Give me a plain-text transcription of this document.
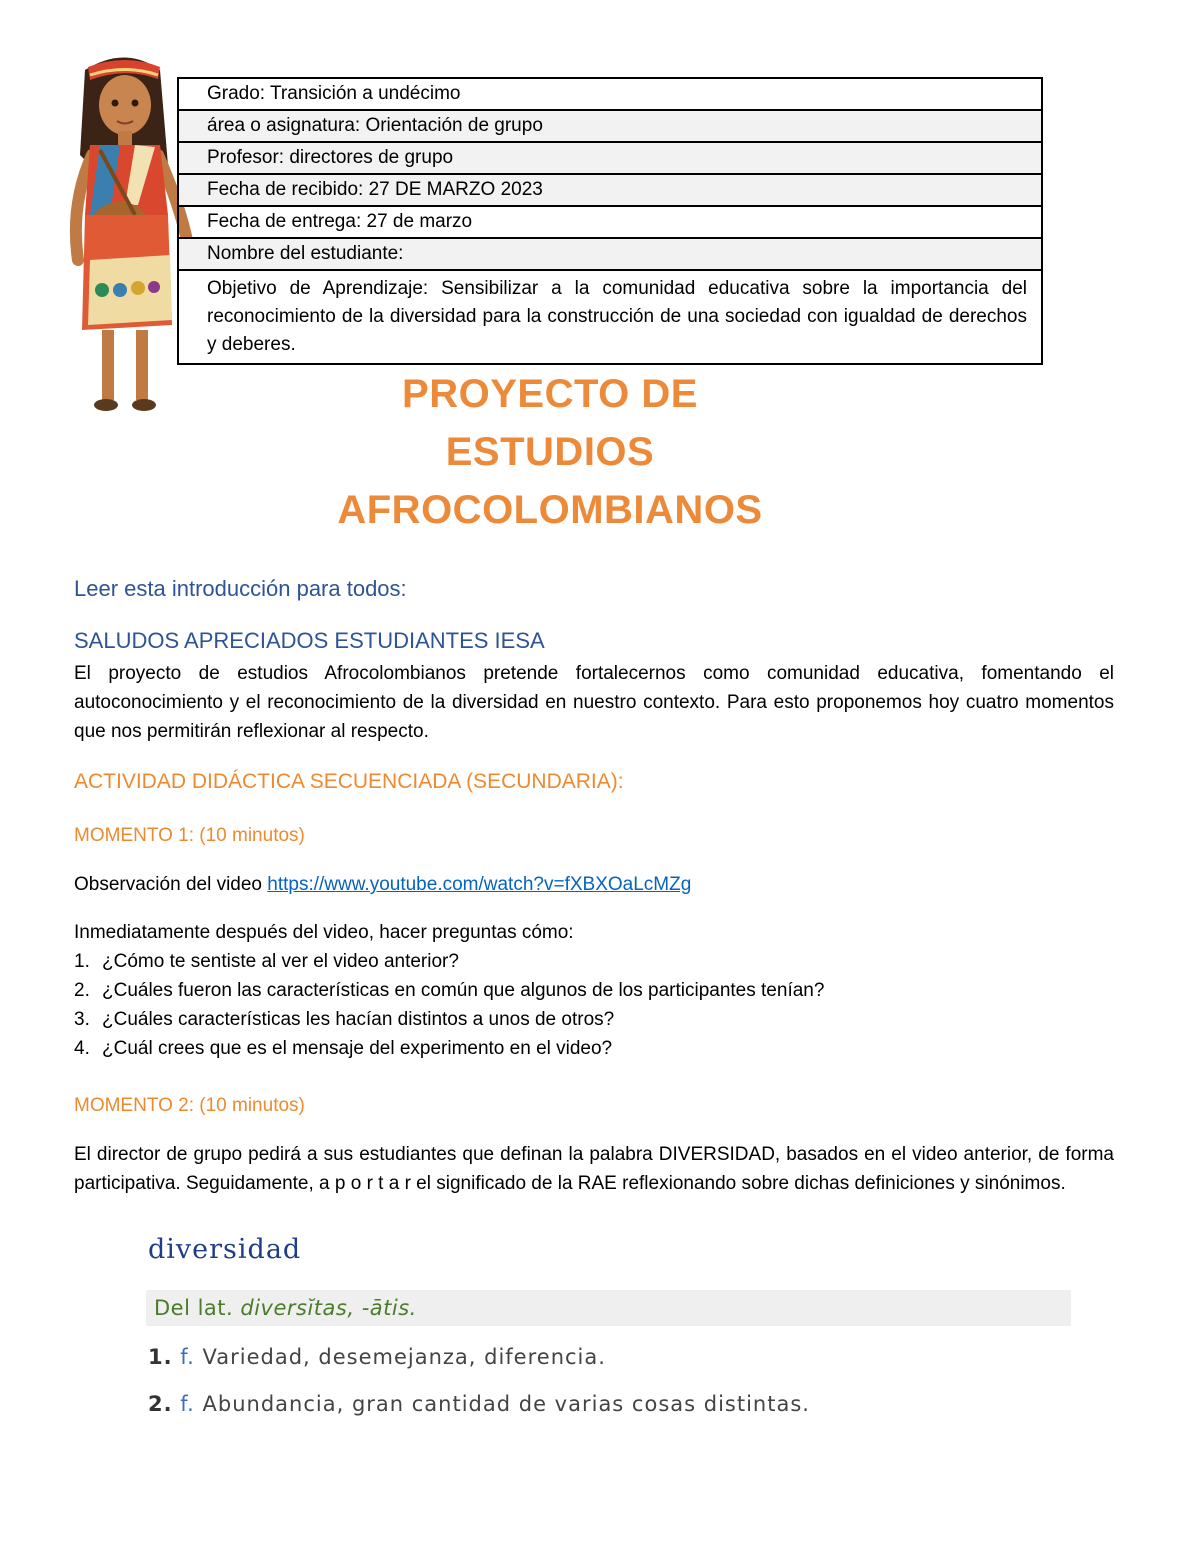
Grado: Transición a undécimo
área o asignatura: Orientación de grupo
Profesor: directores de grupo
Fecha de recibido: 27 DE MARZO 2023
Fecha de entrega: 27 de marzo
Nombre del estudiante:
Objetivo de Aprendizaje: Sensibilizar a la comunidad educativa sobre la importancia del reconocimiento de la diversidad para la construcción de una sociedad con igualdad de derechos y deberes.
PROYECTO DE
ESTUDIOS
AFROCOLOMBIANOS
Leer esta introducción para todos:
SALUDOS APRECIADOS ESTUDIANTES IESA
El proyecto de estudios Afrocolombianos pretende fortalecernos como comunidad educativa, fomentando el autoconocimiento y el reconocimiento de la diversidad en nuestro contexto. Para esto proponemos hoy cuatro momentos que nos permitirán reflexionar al respecto.
ACTIVIDAD DIDÁCTICA SECUENCIADA (SECUNDARIA):
MOMENTO 1: (10 minutos)
Observación del video https://www.youtube.com/watch?v=fXBXOaLcMZg
Inmediatamente después del video, hacer preguntas cómo:
1. ¿Cómo te sentiste al ver el video anterior?
2. ¿Cuáles fueron las características en común que algunos de los participantes tenían?
3. ¿Cuáles características les hacían distintos a unos de otros?
4. ¿Cuál crees que es el mensaje del experimento en el video?
MOMENTO 2: (10 minutos)
El director de grupo pedirá a sus estudiantes que definan la palabra DIVERSIDAD, basados en el video anterior, de forma participativa. Seguidamente, a p o r t a r el significado de la RAE reflexionando sobre dichas definiciones y sinónimos.
diversidad
Del lat. diversĭtas, -ātis.
1. f. Variedad, desemejanza, diferencia.
2. f. Abundancia, gran cantidad de varias cosas distintas.
